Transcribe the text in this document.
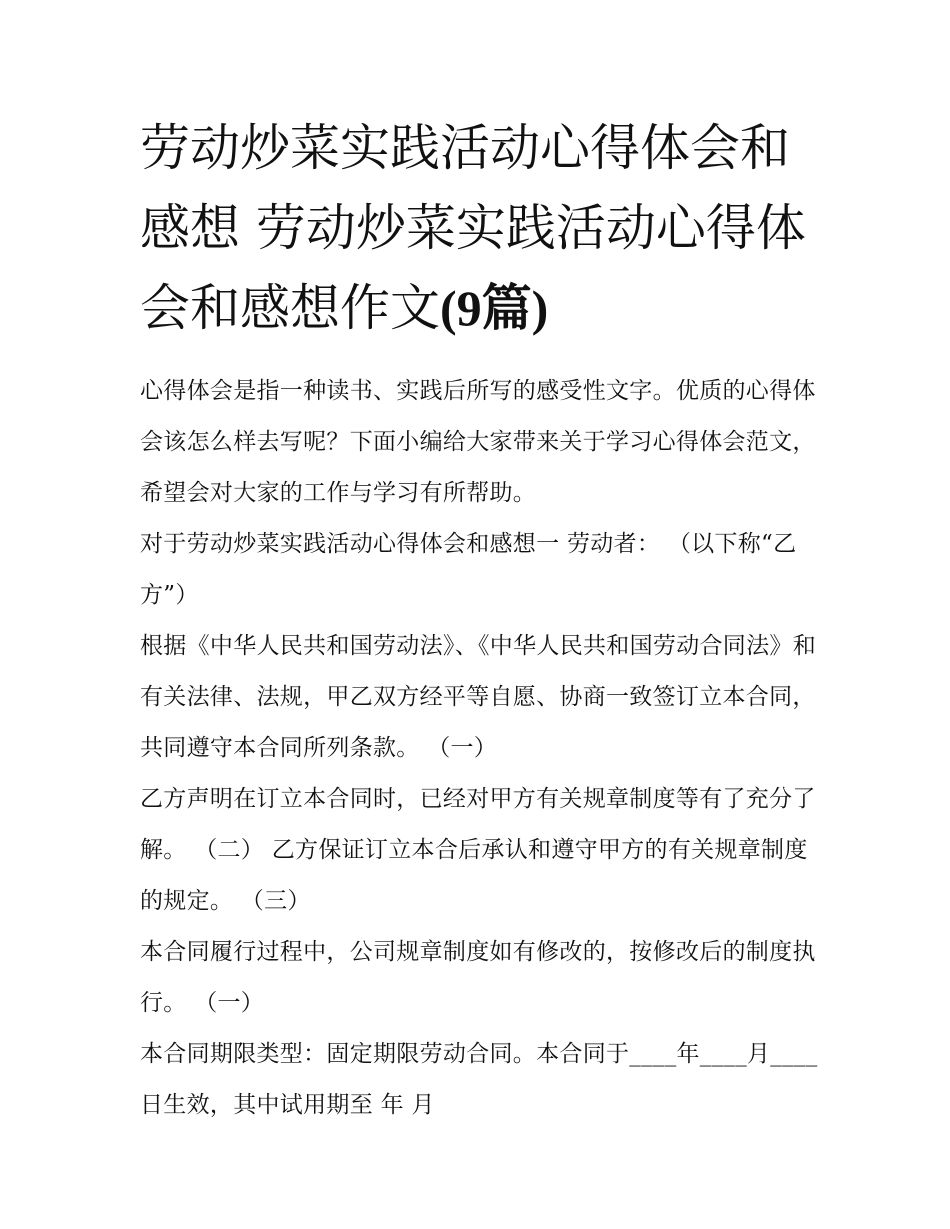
劳动炒菜实践活动心得体会和感想 劳动炒菜实践活动心得体会和感想作文(9篇)

心得体会是指一种读书、实践后所写的感受性文字。优质的心得体会该怎么样去写呢？下面小编给大家带来关于学习心得体会范文，希望会对大家的工作与学习有所帮助。

对于劳动炒菜实践活动心得体会和感想一 劳动者： （以下称“乙方”）

根据《中华人民共和国劳动法》、《中华人民共和国劳动合同法》和有关法律、法规，甲乙双方经平等自愿、协商一致签订立本合同，共同遵守本合同所列条款。 （一）

乙方声明在订立本合同时，已经对甲方有关规章制度等有了充分了解。 （二） 乙方保证订立本合后承认和遵守甲方的有关规章制度的规定。 （三）

本合同履行过程中，公司规章制度如有修改的，按修改后的制度执行。 （一）

本合同期限类型：固定期限劳动合同。本合同于____年____月____日生效，其中试用期至 年 月
